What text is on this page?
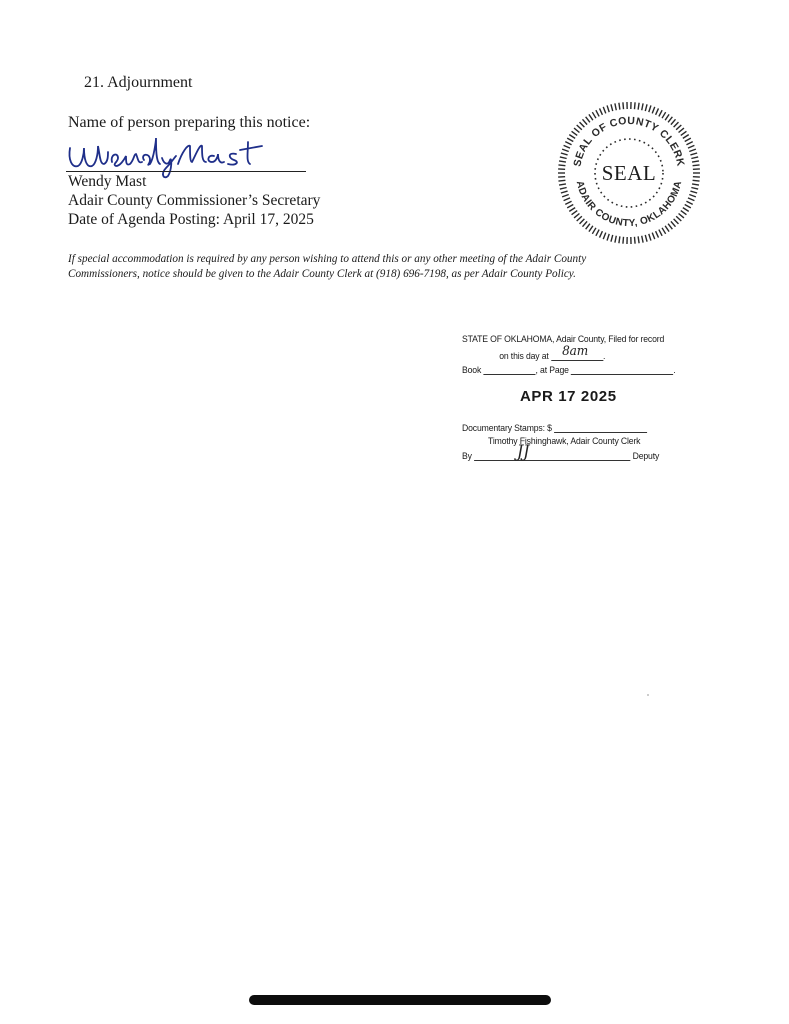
21. Adjournment
Name of person preparing this notice:
Wendy Mast
Adair County Commissioner’s Secretary
Date of Agenda Posting: April 17, 2025
If special accommodation is required by any person wishing to attend this or any other meeting of the Adair County
Commissioners, notice should be given to the Adair County Clerk at (918) 696-7198, as per Adair County Policy.
SEAL OF COUNTY CLERK
ADAIR COUNTY, OKLAHOMA
SEAL
STATE OF OKLAHOMA, Adair County, Filed for record
on this day at 8am .
Book	, at Page	.
Documentary Stamps: $
Timothy Fishinghawk, Adair County Clerk
By	JJ	Deputy
APR 17 2025
